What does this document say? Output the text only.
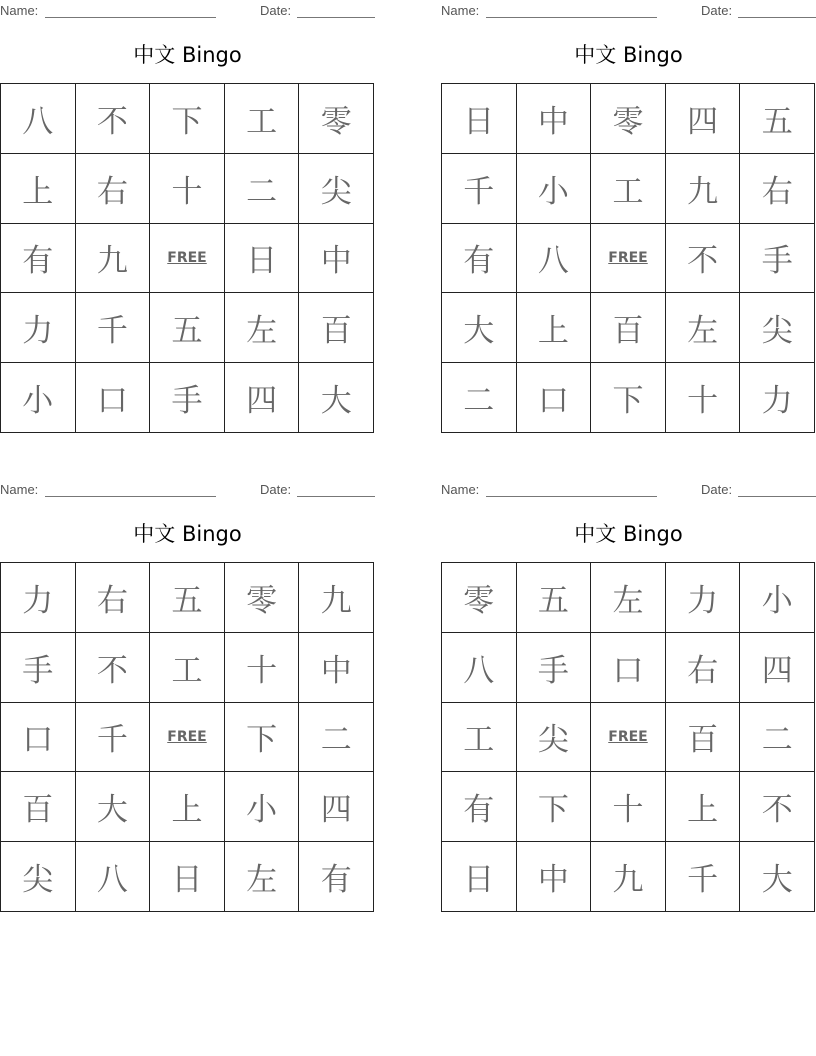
Name:	Date:
中文 Bingo
八	不	下	工	零
上	右	十	二	尖
有	九	FREE	日	中
力	千	五	左	百
小	口	手	四	大
Name:	Date:
中文 Bingo
日	中	零	四	五
千	小	工	九	右
有	八	FREE	不	手
大	上	百	左	尖
二	口	下	十	力
Name:	Date:
中文 Bingo
力	右	五	零	九
手	不	工	十	中
口	千	FREE	下	二
百	大	上	小	四
尖	八	日	左	有
Name:	Date:
中文 Bingo
零	五	左	力	小
八	手	口	右	四
工	尖	FREE	百	二
有	下	十	上	不
日	中	九	千	大
